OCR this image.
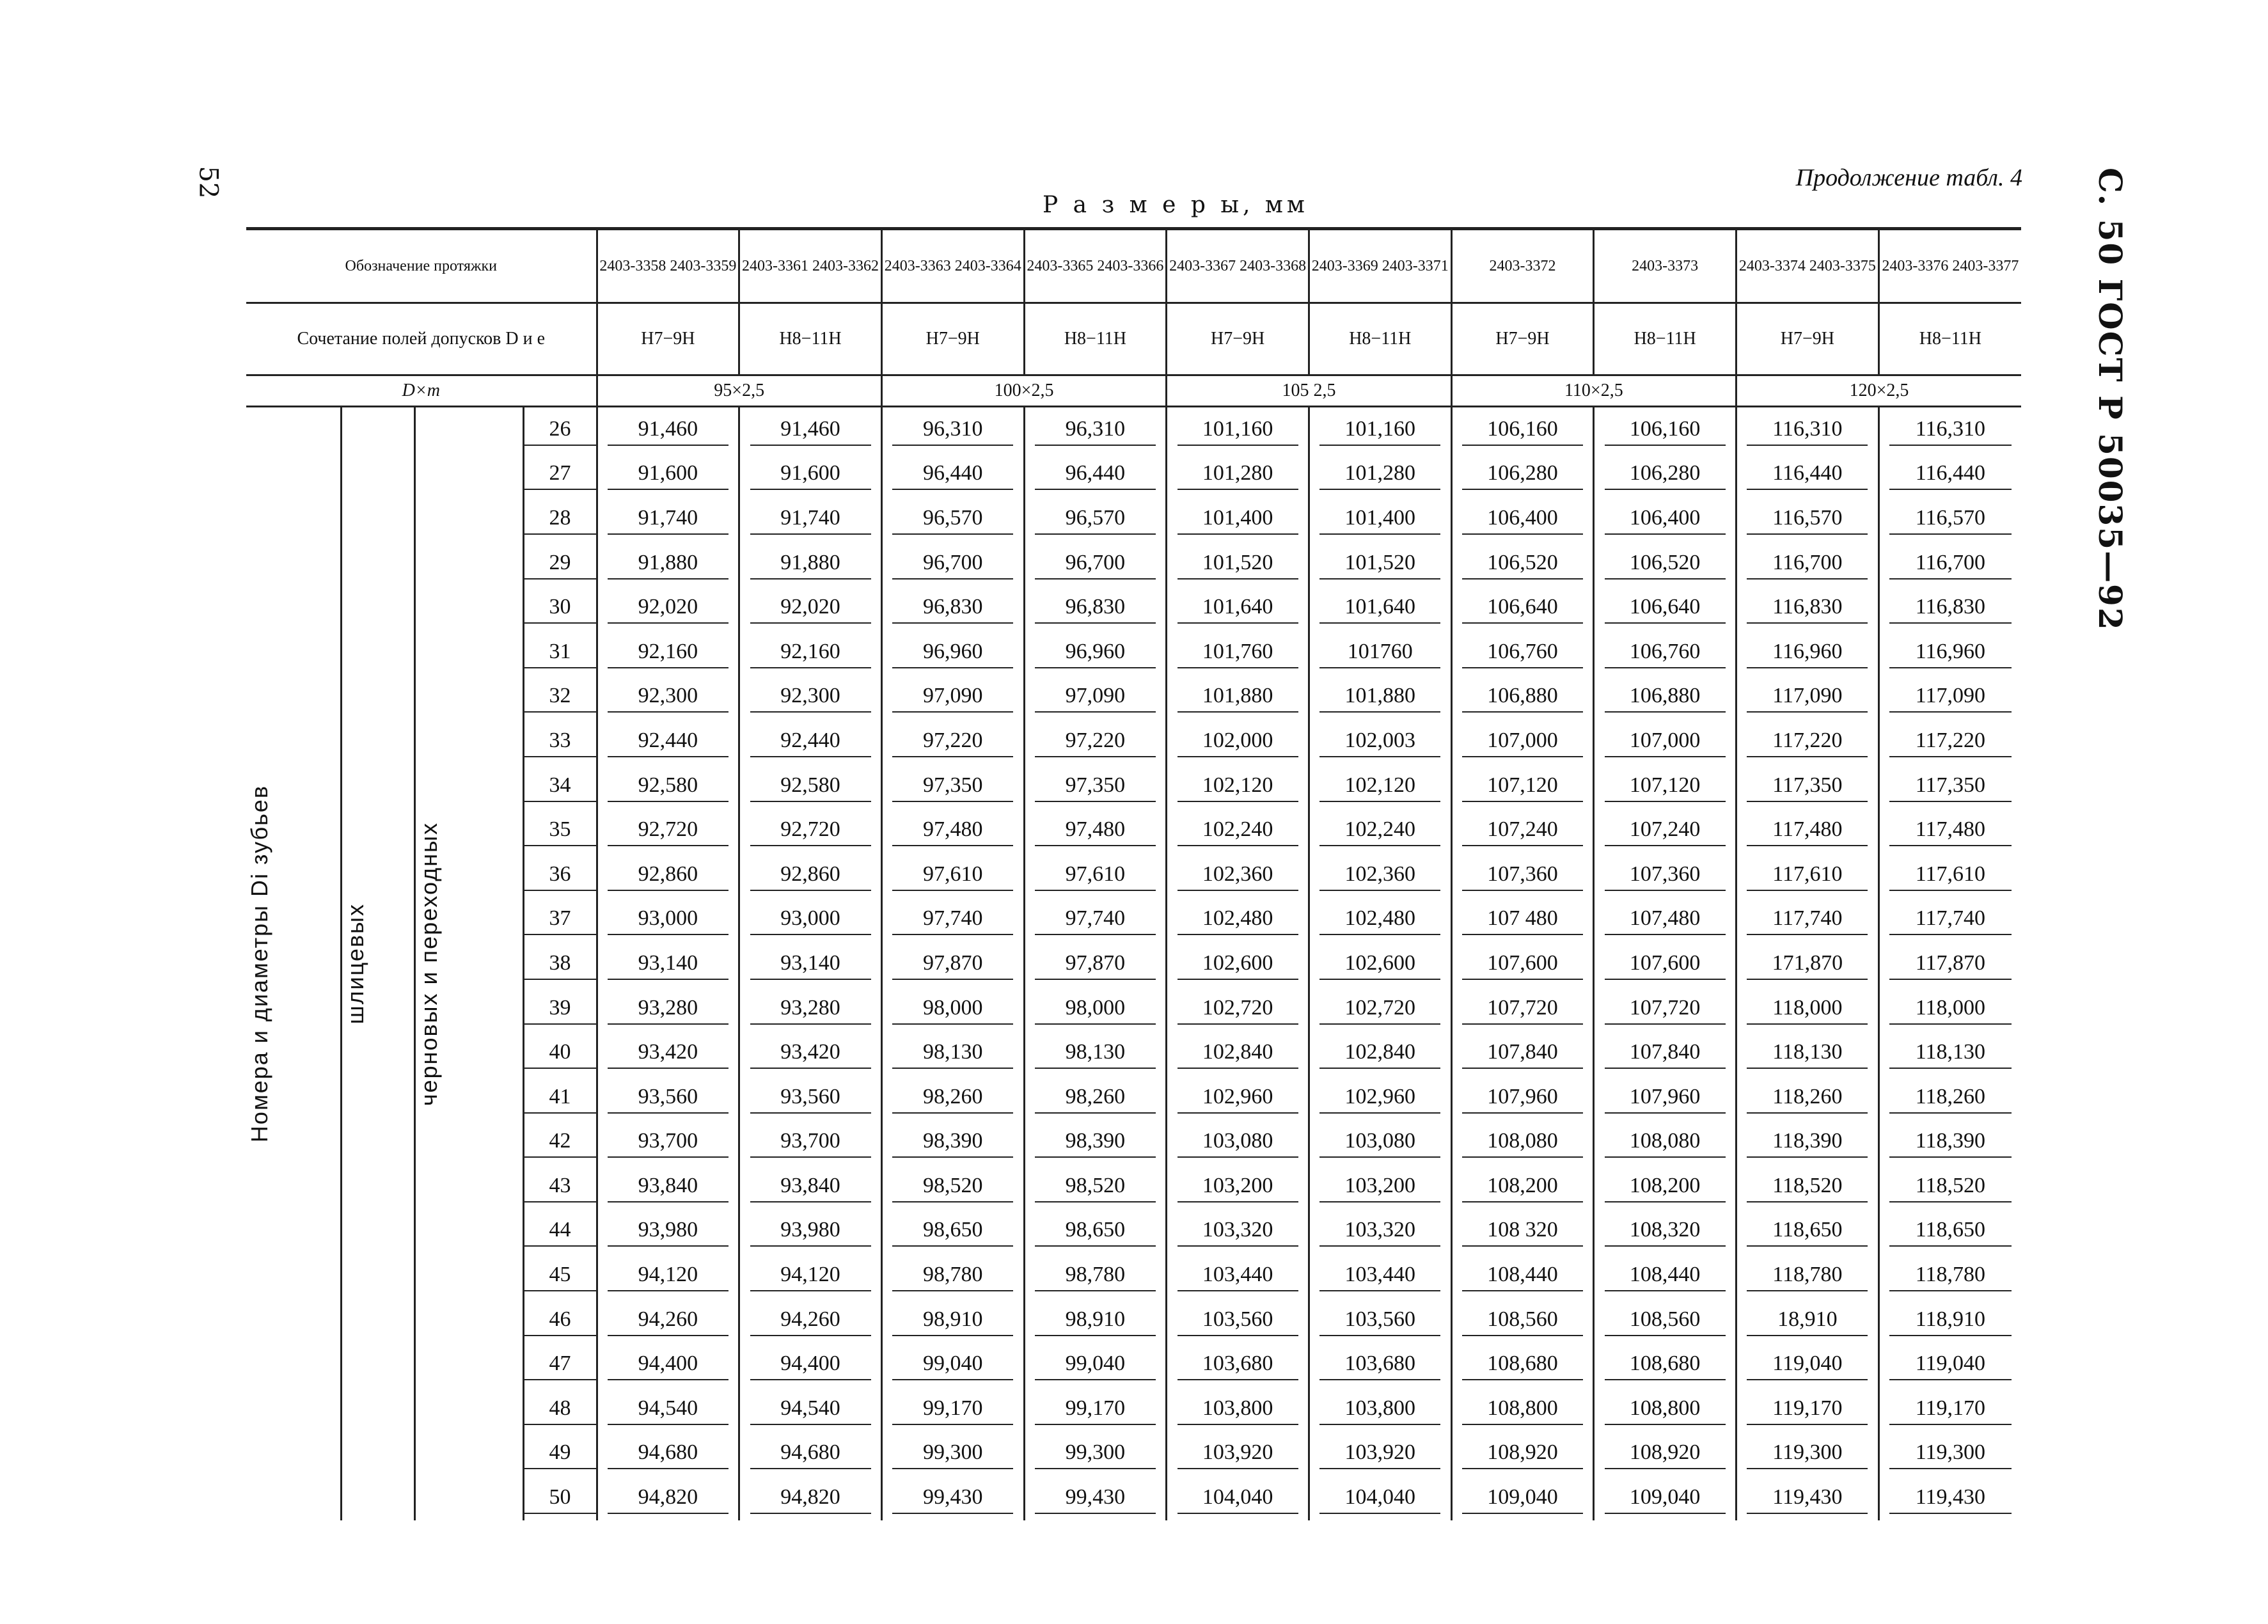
52	Продолжение табл. 4 С. 50 ГОСТ Р 50035—92
Р а з м е р ы, мм
Обозначение протяжки				2403-3358 2403-3359	2403-3361 2403-3362	2403-3363 2403-3364	2403-3365 2403-3366	2403-3367 2403-3368	2403-3369 2403-3371	2403-3372	2403-3373	2403-3374 2403-3375	2403-3376 2403-3377
Сочетание полей допусков D и e				H7−9H	H8−11H	H7−9H	H8−11H	H7−9H	H8−11H	H7−9H	H8−11H	H7−9H	H8−11H
D×m				95×2,5		100×2,5		105 2,5		110×2,5		120×2,5	

Номера и диаметры Di зубьев	шлицевых	черновых и переходных	26	91,460	91,460	96,310	96,310	101,160	101,160	106,160	106,160	116,310	116,310
			27	91,600	91,600	96,440	96,440	101,280	101,280	106,280	106,280	116,440	116,440
			28	91,740	91,740	96,570	96,570	101,400	101,400	106,400	106,400	116,570	116,570
			29	91,880	91,880	96,700	96,700	101,520	101,520	106,520	106,520	116,700	116,700
			30	92,020	92,020	96,830	96,830	101,640	101,640	106,640	106,640	116,830	116,830
			31	92,160	92,160	96,960	96,960	101,760	101760	106,760	106,760	116,960	116,960
			32	92,300	92,300	97,090	97,090	101,880	101,880	106,880	106,880	117,090	117,090
			33	92,440	92,440	97,220	97,220	102,000	102,003	107,000	107,000	117,220	117,220
			34	92,580	92,580	97,350	97,350	102,120	102,120	107,120	107,120	117,350	117,350
			35	92,720	92,720	97,480	97,480	102,240	102,240	107,240	107,240	117,480	117,480
			36	92,860	92,860	97,610	97,610	102,360	102,360	107,360	107,360	117,610	117,610
			37	93,000	93,000	97,740	97,740	102,480	102,480	107 480	107,480	117,740	117,740
			38	93,140	93,140	97,870	97,870	102,600	102,600	107,600	107,600	171,870	117,870
			39	93,280	93,280	98,000	98,000	102,720	102,720	107,720	107,720	118,000	118,000
			40	93,420	93,420	98,130	98,130	102,840	102,840	107,840	107,840	118,130	118,130
			41	93,560	93,560	98,260	98,260	102,960	102,960	107,960	107,960	118,260	118,260
			42	93,700	93,700	98,390	98,390	103,080	103,080	108,080	108,080	118,390	118,390
			43	93,840	93,840	98,520	98,520	103,200	103,200	108,200	108,200	118,520	118,520
			44	93,980	93,980	98,650	98,650	103,320	103,320	108 320	108,320	118,650	118,650
			45	94,120	94,120	98,780	98,780	103,440	103,440	108,440	108,440	118,780	118,780
			46	94,260	94,260	98,910	98,910	103,560	103,560	108,560	108,560	18,910	118,910
			47	94,400	94,400	99,040	99,040	103,680	103,680	108,680	108,680	119,040	119,040
			48	94,540	94,540	99,170	99,170	103,800	103,800	108,800	108,800	119,170	119,170
			49	94,680	94,680	99,300	99,300	103,920	103,920	108,920	108,920	119,300	119,300
			50	94,820	94,820	99,430	99,430	104,040	104,040	109,040	109,040	119,430	119,430
